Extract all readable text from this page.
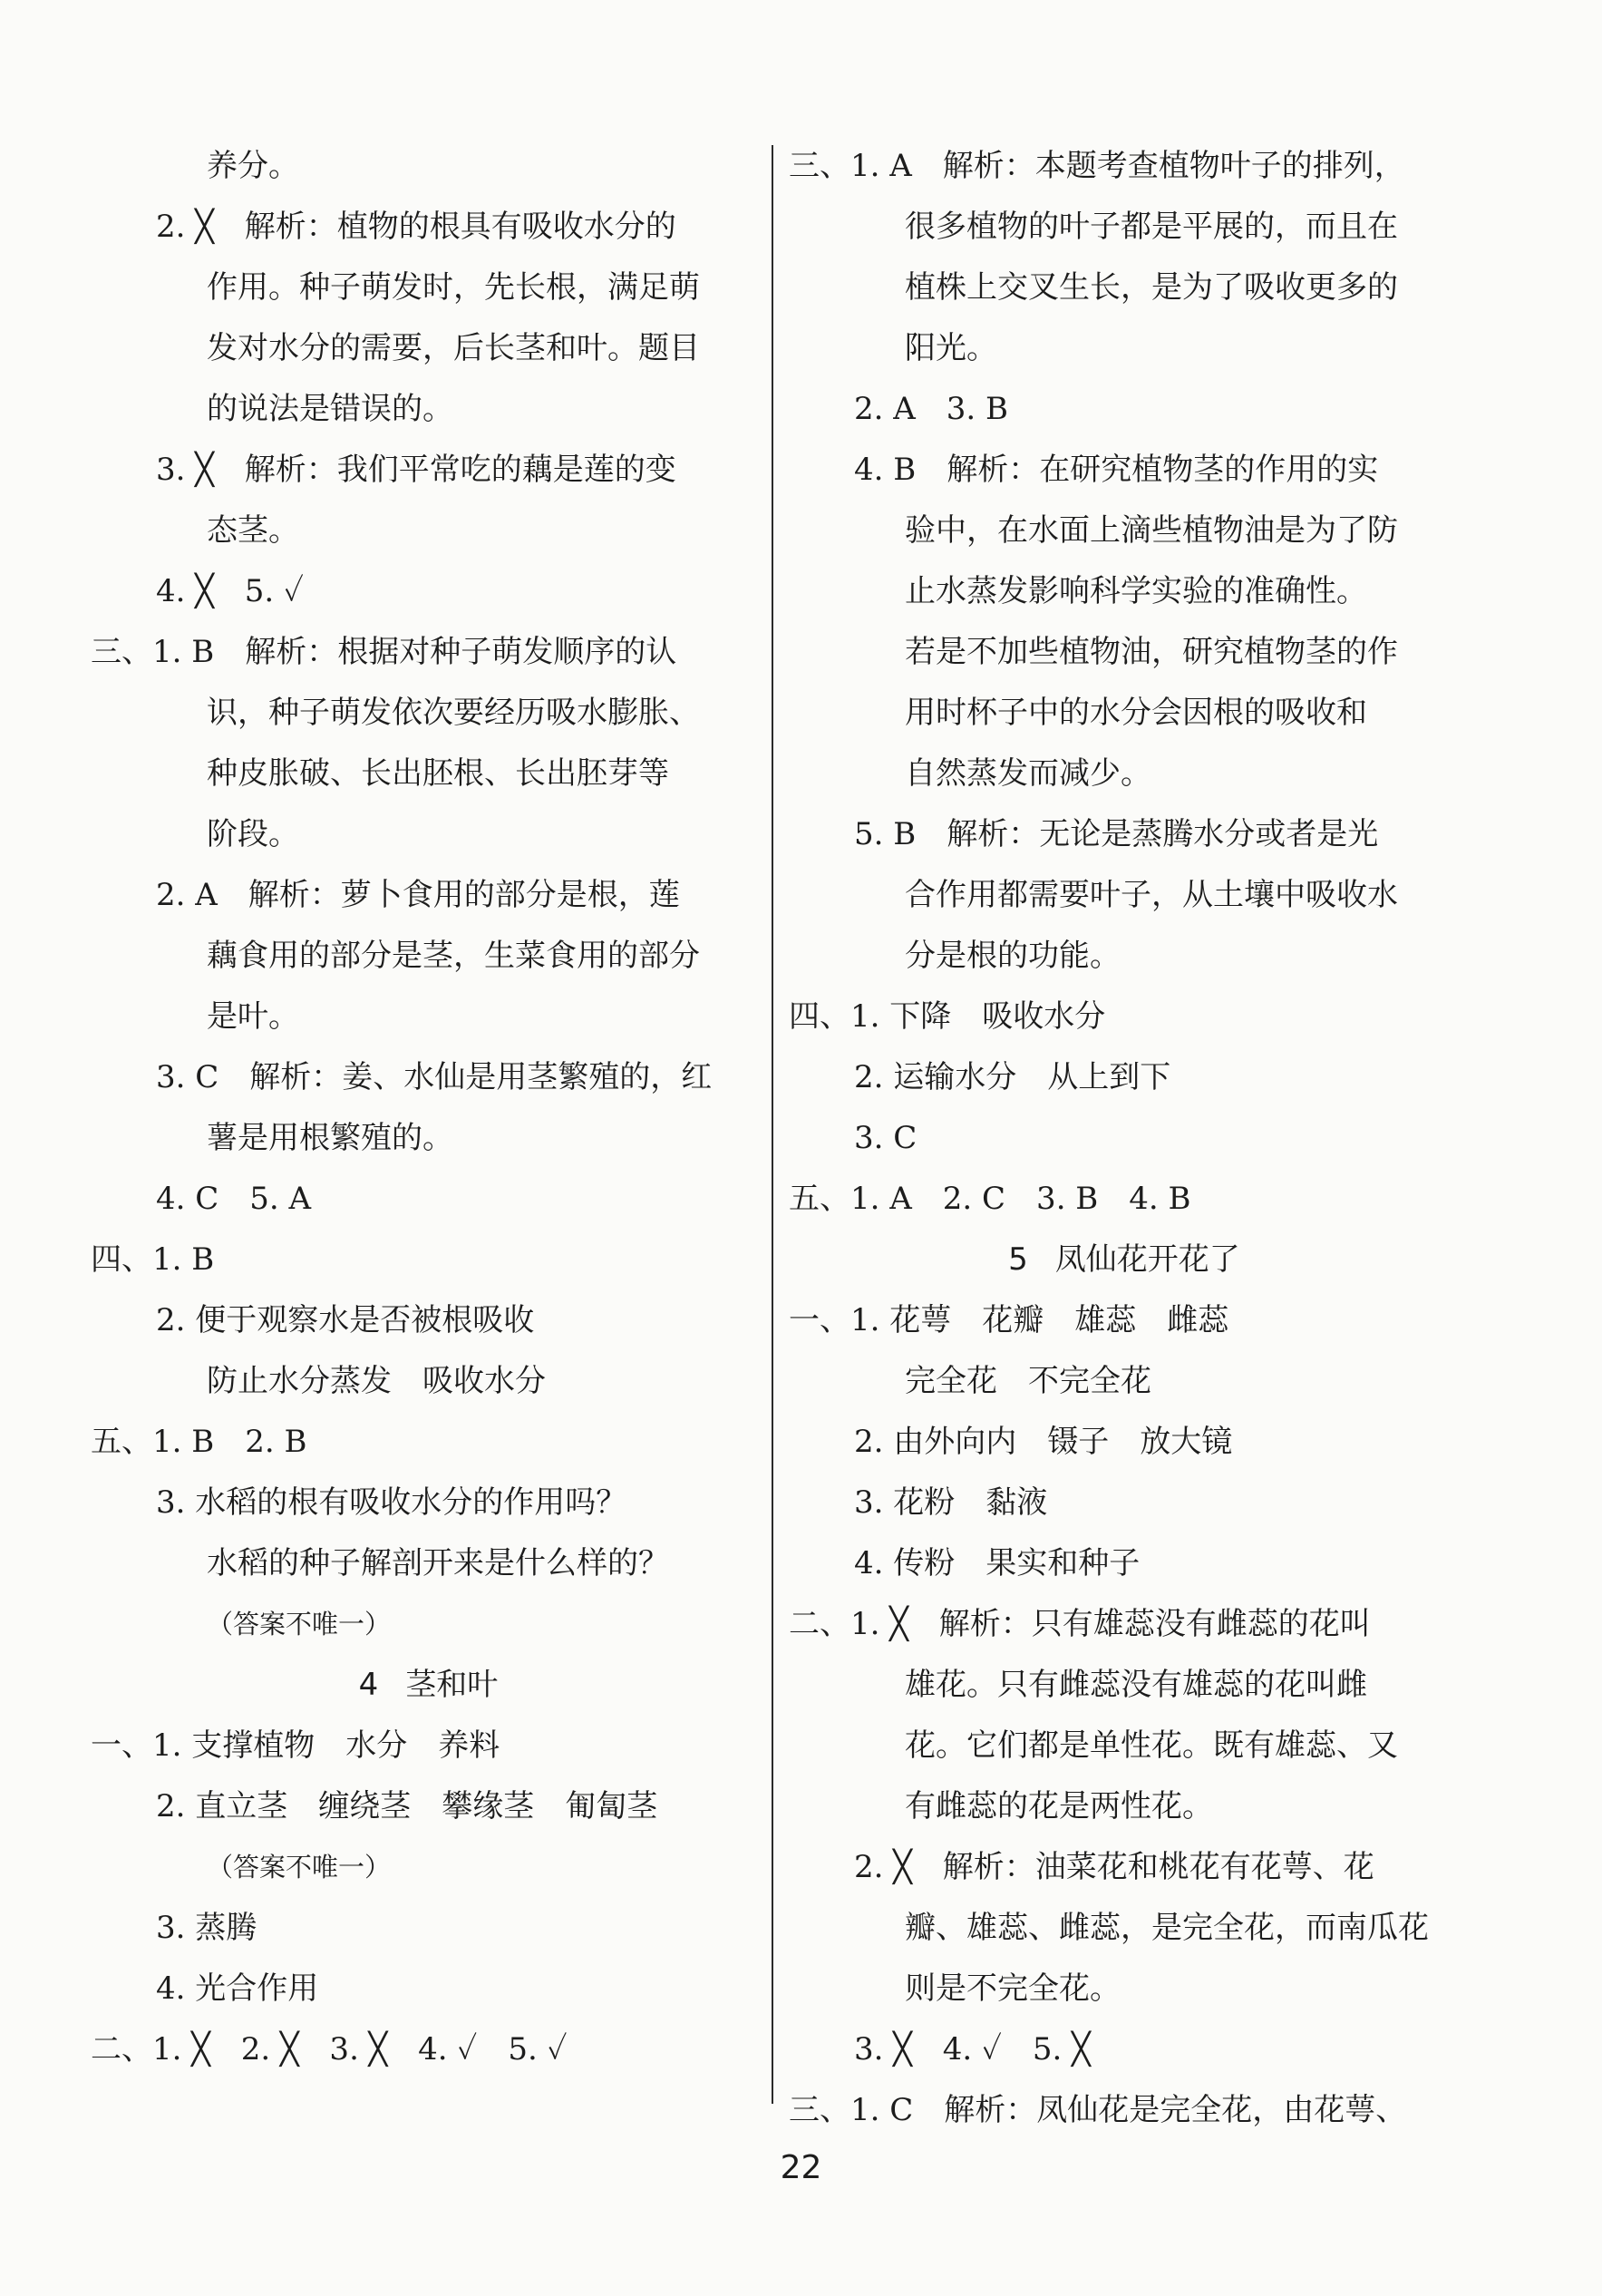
养分。
2. ╳　解析：植物的根具有吸收水分的
作用。种子萌发时，先长根，满足萌
发对水分的需要，后长茎和叶。题目
的说法是错误的。
3. ╳　解析：我们平常吃的藕是莲的变
态茎。
4. ╳　5. ✓
三、1. B　解析：根据对种子萌发顺序的认
识，种子萌发依次要经历吸水膨胀、
种皮胀破、长出胚根、长出胚芽等
阶段。
2. A　解析：萝卜食用的部分是根，莲
藕食用的部分是茎，生菜食用的部分
是叶。
3. C　解析：姜、水仙是用茎繁殖的，红
薯是用根繁殖的。
4. C　5. A
四、1. B
2. 便于观察水是否被根吸收
防止水分蒸发　吸收水分
五、1. B　2. B
3. 水稻的根有吸收水分的作用吗？
水稻的种子解剖开来是什么样的？
（答案不唯一）
4 茎和叶
一、1. 支撑植物　水分　养料
2. 直立茎　缠绕茎　攀缘茎　匍匐茎
（答案不唯一）
3. 蒸腾
4. 光合作用
二、1. ╳　2. ╳　3. ╳　4. ✓　5. ✓
三、1. A　解析：本题考查植物叶子的排列，
很多植物的叶子都是平展的，而且在
植株上交叉生长，是为了吸收更多的
阳光。
2. A　3. B
4. B　解析：在研究植物茎的作用的实
验中，在水面上滴些植物油是为了防
止水蒸发影响科学实验的准确性。
若是不加些植物油，研究植物茎的作
用时杯子中的水分会因根的吸收和
自然蒸发而减少。
5. B　解析：无论是蒸腾水分或者是光
合作用都需要叶子，从土壤中吸收水
分是根的功能。
四、1. 下降　吸收水分
2. 运输水分　从上到下
3. C
五、1. A　2. C　3. B　4. B
5 凤仙花开花了
一、1. 花萼　花瓣　雄蕊　雌蕊
完全花　不完全花
2. 由外向内　镊子　放大镜
3. 花粉　黏液
4. 传粉　果实和种子
二、1. ╳　解析：只有雄蕊没有雌蕊的花叫
雄花。只有雌蕊没有雄蕊的花叫雌
花。它们都是单性花。既有雄蕊、又
有雌蕊的花是两性花。
2. ╳　解析：油菜花和桃花有花萼、花
瓣、雄蕊、雌蕊，是完全花，而南瓜花
则是不完全花。
3. ╳　4. ✓　5. ╳
三、1. C　解析：凤仙花是完全花，由花萼、
22
